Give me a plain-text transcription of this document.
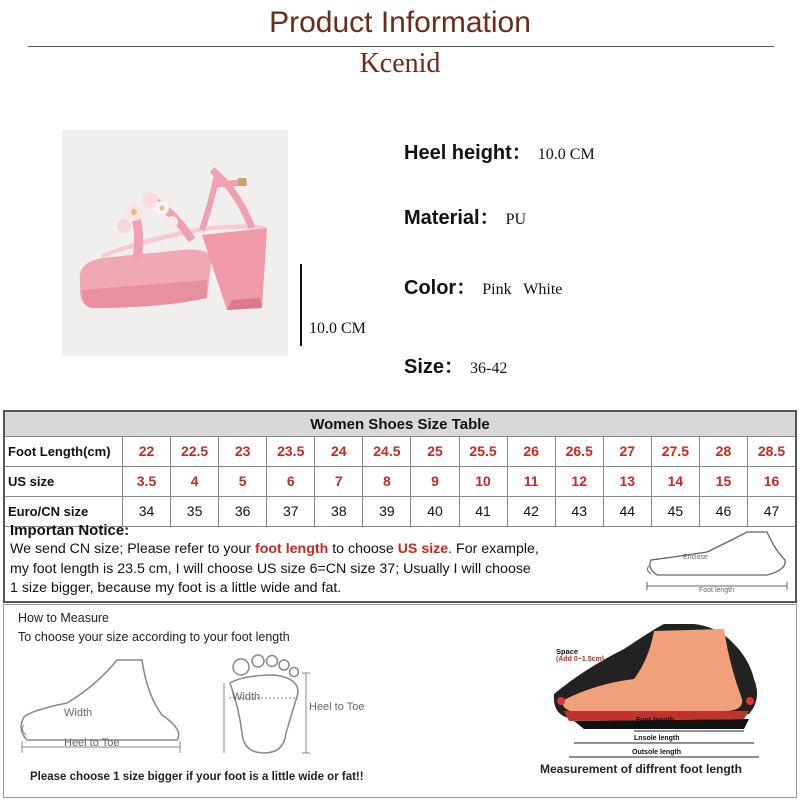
Product Information
Kcenid
10.0 CM
Heel height： 10.0 CM
Material： PU
Color： Pink   White
Size： 36-42
Women Shoes Size Table
Foot Length(cm)	22	22.5	23	23.5	24	24.5	25	25.5	26	26.5	27	27.5	28	28.5
US size	3.5	4	5	6	7	8	9	10	11	12	13	14	15	16
Euro/CN size	34	35	36	37	38	39	40	41	42	43	44	45	46	47
Importan Notice:
We send CN size; Please refer to your foot length to choose US size. For example,
my foot length is 23.5 cm, I will choose US size 6=CN size 37; Usually I will choose
1 size bigger, because my foot is a little wide and fat.
Enclose
Foot length
How to Measure
To choose your size according to your foot length
Width
Heel to Toe
Width
Heel to Toe
Please choose 1 size bigger if your foot is a little wide or fat!!
Space
(Add 0~1.5cm)
Foot length
Lnsole length
Outsole length
Measurement of diffrent foot length
